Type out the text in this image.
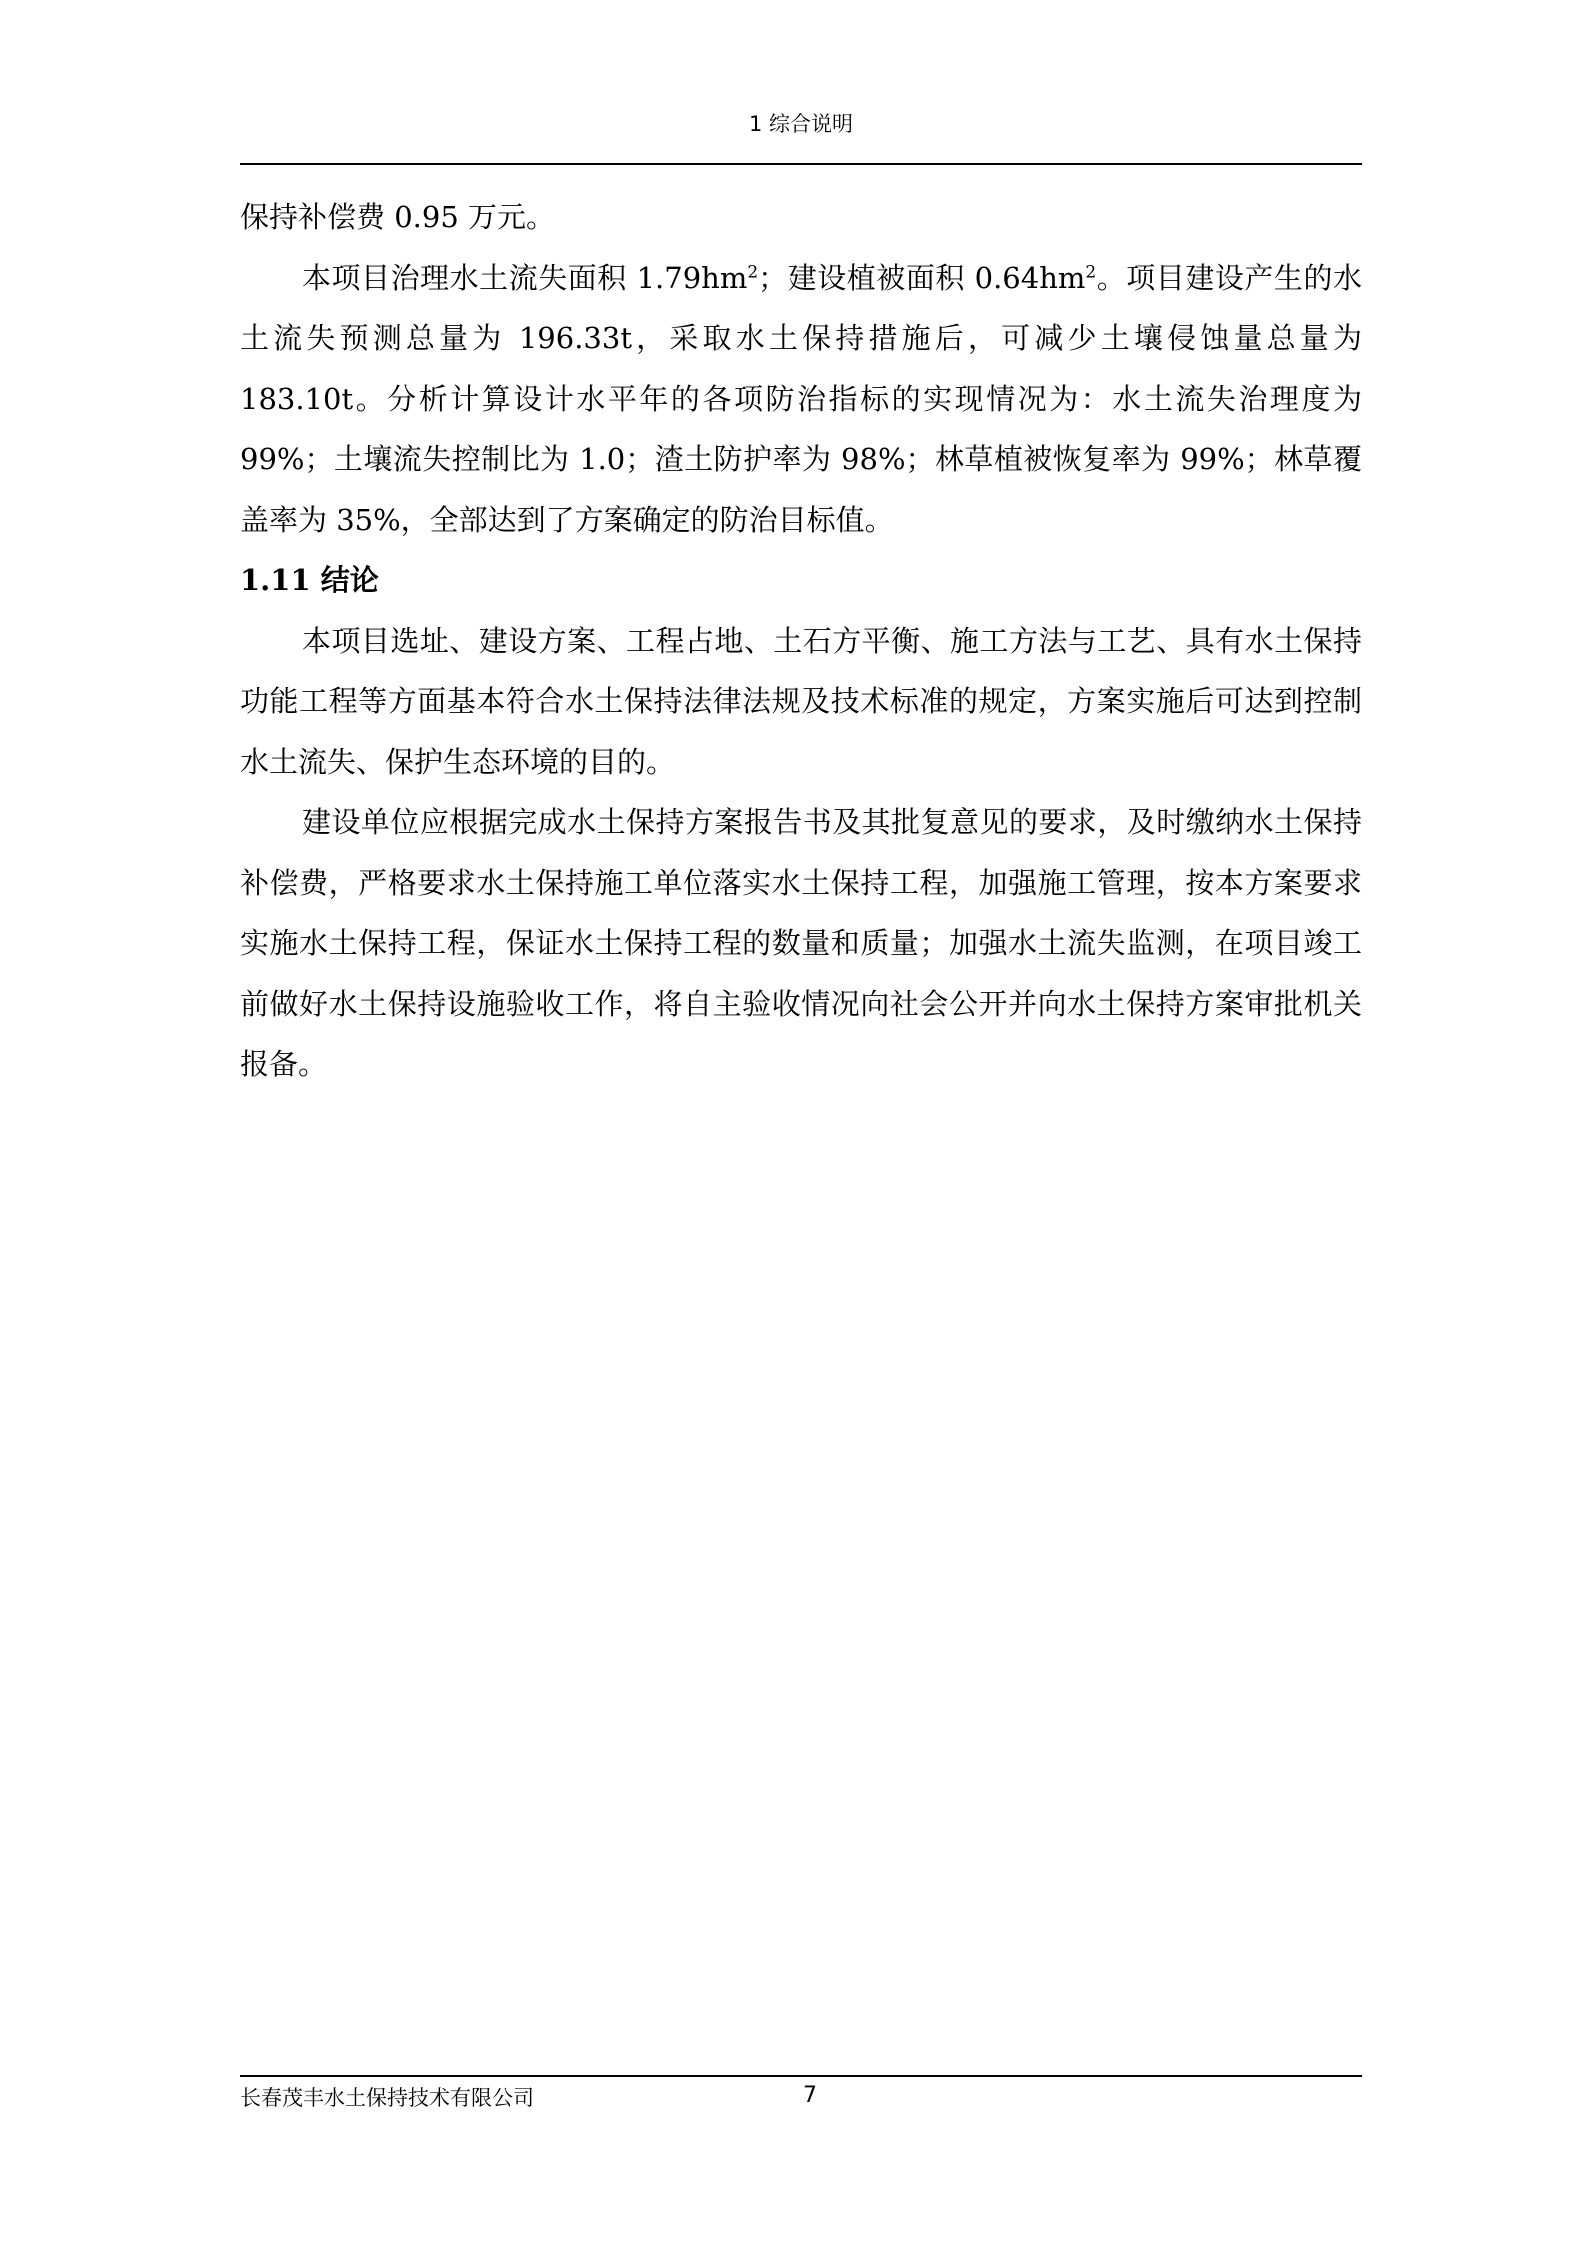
1 综合说明

保持补偿费 0.95 万元。

本项目治理水土流失面积 $1.79hm^2$；建设植被面积 $0.64hm^2$。项目建设产生的水土流失预测总量为 196.33t，采取水土保持措施后，可减少土壤侵蚀量总量为 183.10t。分析计算设计水平年的各项防治指标的实现情况为：水土流失治理度为 99%；土壤流失控制比为 1.0；渣土防护率为 98%；林草植被恢复率为 99%；林草覆盖率为 35%，全部达到了方案确定的防治目标值。

1.11 结论

本项目选址、建设方案、工程占地、土石方平衡、施工方法与工艺、具有水土保持功能工程等方面基本符合水土保持法律法规及技术标准的规定，方案实施后可达到控制水土流失、保护生态环境的目的。

建设单位应根据完成水土保持方案报告书及其批复意见的要求，及时缴纳水土保持补偿费，严格要求水土保持施工单位落实水土保持工程，加强施工管理，按本方案要求实施水土保持工程，保证水土保持工程的数量和质量；加强水土流失监测，在项目竣工前做好水土保持设施验收工作，将自主验收情况向社会公开并向水土保持方案审批机关报备。

长春茂丰水土保持技术有限公司	7
